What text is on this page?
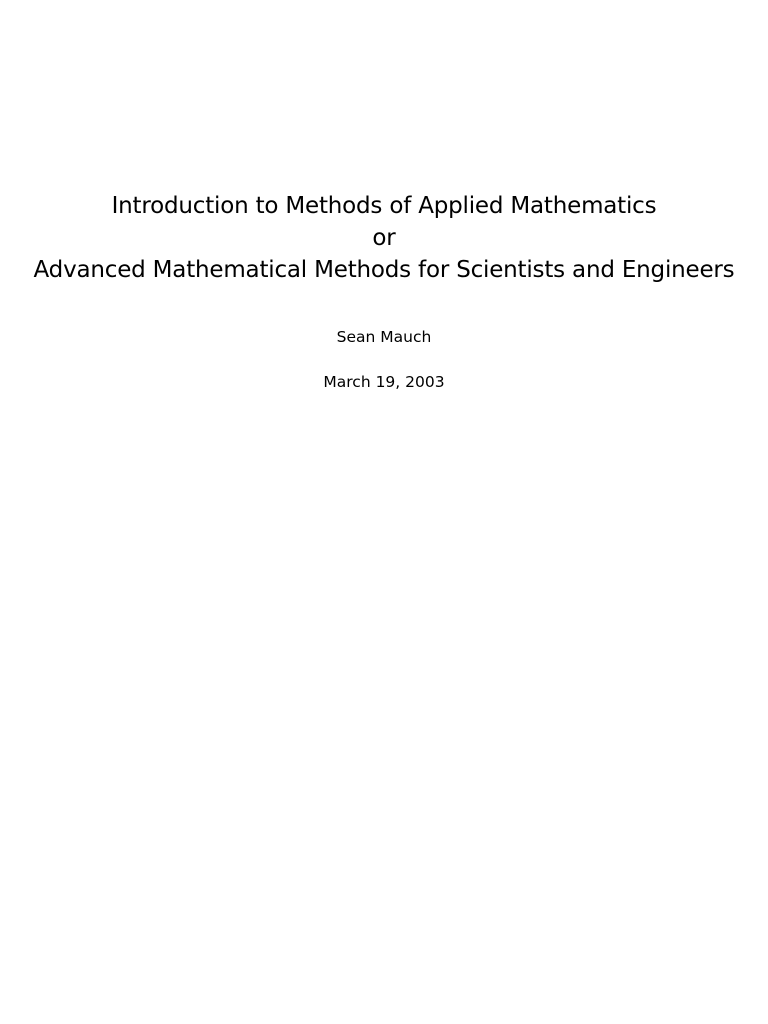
Introduction to Methods of Applied Mathematics
or
Advanced Mathematical Methods for Scientists and Engineers
Sean Mauch
March 19, 2003
